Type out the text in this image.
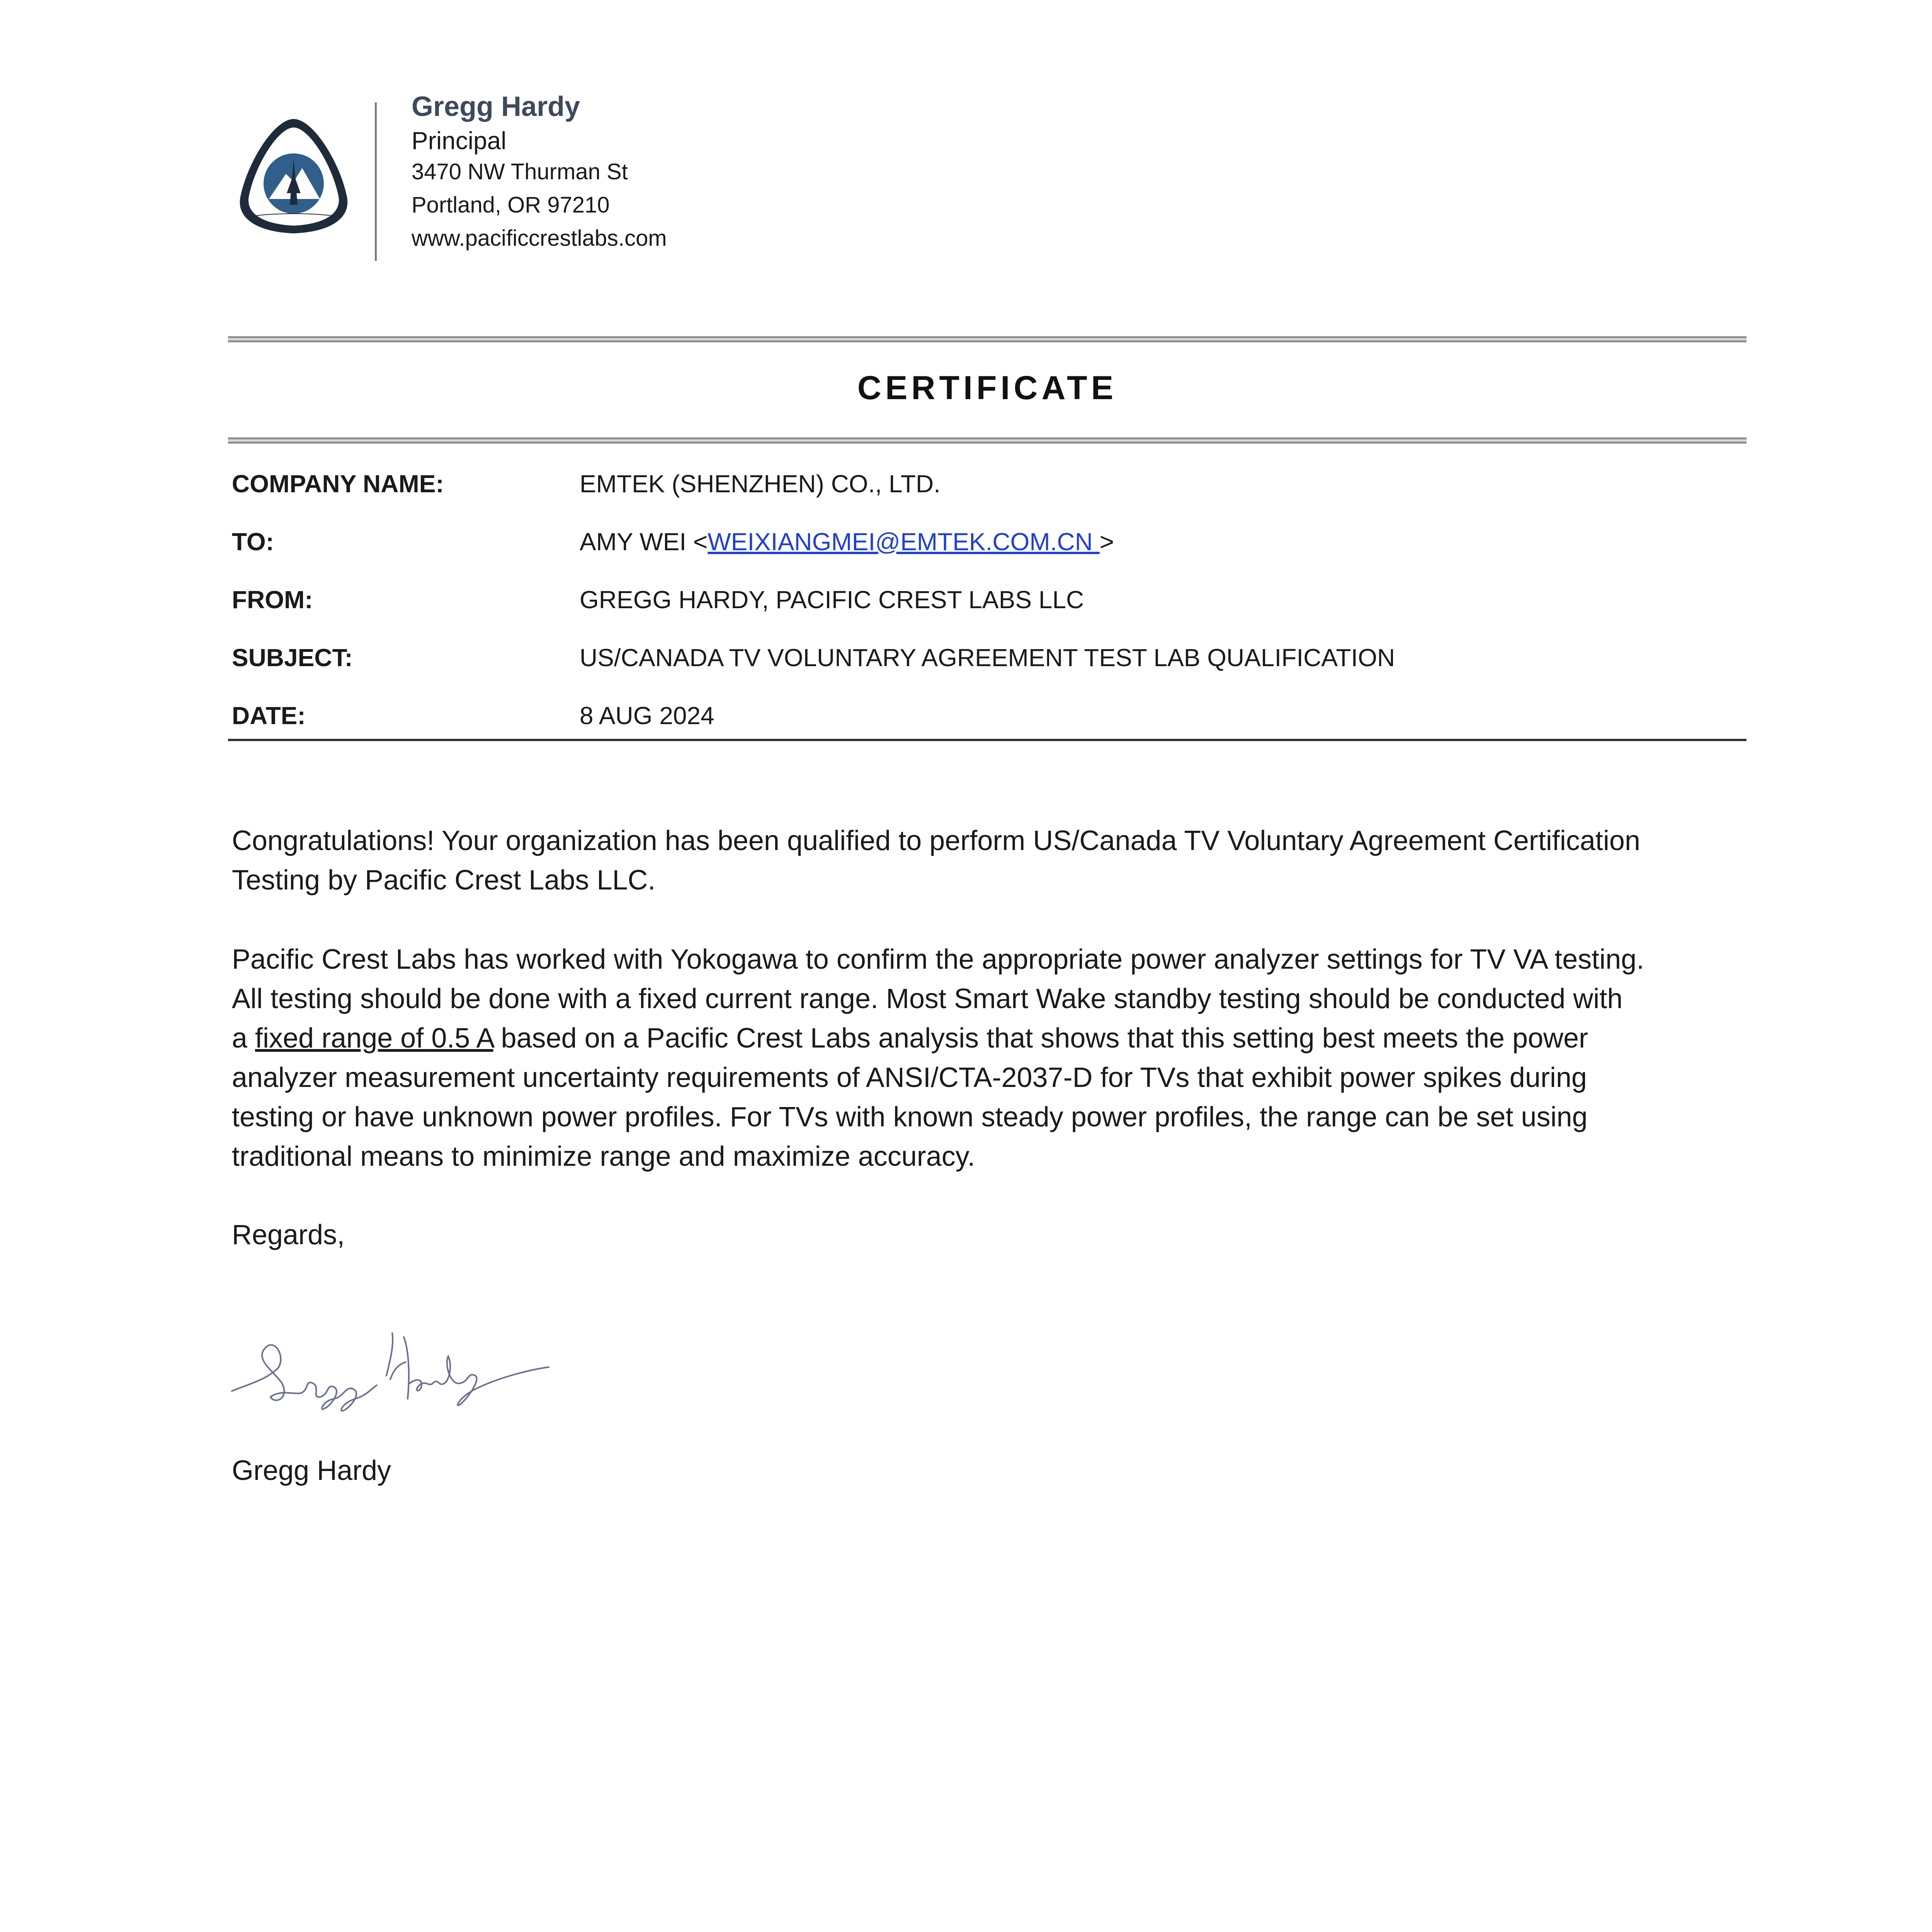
Gregg Hardy
Principal
3470 NW Thurman St
Portland, OR 97210
www.pacificcrestlabs.com
CERTIFICATE
COMPANY NAME:	EMTEK (SHENZHEN) CO., LTD.
TO:	AMY WEI <WEIXIANGMEI@EMTEK.COM.CN >
FROM:	GREGG HARDY, PACIFIC CREST LABS LLC
SUBJECT:	US/CANADA TV VOLUNTARY AGREEMENT TEST LAB QUALIFICATION
DATE:	8 AUG 2024
Congratulations! Your organization has been qualified to perform US/Canada TV Voluntary Agreement Certification
Testing by Pacific Crest Labs LLC.
Pacific Crest Labs has worked with Yokogawa to confirm the appropriate power analyzer settings for TV VA testing.
All testing should be done with a fixed current range. Most Smart Wake standby testing should be conducted with
a fixed range of 0.5 A based on a Pacific Crest Labs analysis that shows that this setting best meets the power
analyzer measurement uncertainty requirements of ANSI/CTA-2037-D for TVs that exhibit power spikes during
testing or have unknown power profiles. For TVs with known steady power profiles, the range can be set using
traditional means to minimize range and maximize accuracy.
Regards,
Gregg Hardy
